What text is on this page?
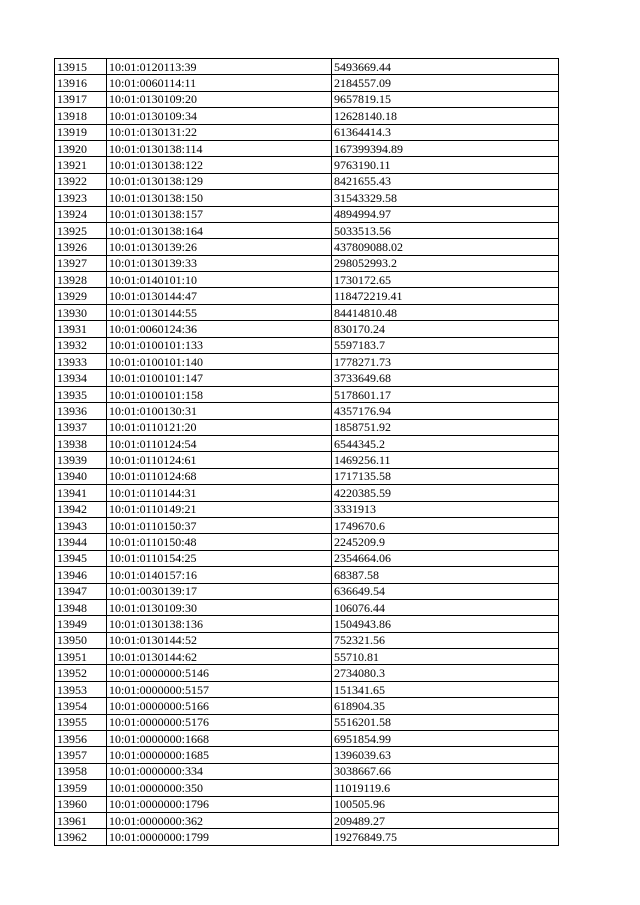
13915	10:01:0120113:39	5493669.44
13916	10:01:0060114:11	2184557.09
13917	10:01:0130109:20	9657819.15
13918	10:01:0130109:34	12628140.18
13919	10:01:0130131:22	61364414.3
13920	10:01:0130138:114	167399394.89
13921	10:01:0130138:122	9763190.11
13922	10:01:0130138:129	8421655.43
13923	10:01:0130138:150	31543329.58
13924	10:01:0130138:157	4894994.97
13925	10:01:0130138:164	5033513.56
13926	10:01:0130139:26	437809088.02
13927	10:01:0130139:33	298052993.2
13928	10:01:0140101:10	1730172.65
13929	10:01:0130144:47	118472219.41
13930	10:01:0130144:55	84414810.48
13931	10:01:0060124:36	830170.24
13932	10:01:0100101:133	5597183.7
13933	10:01:0100101:140	1778271.73
13934	10:01:0100101:147	3733649.68
13935	10:01:0100101:158	5178601.17
13936	10:01:0100130:31	4357176.94
13937	10:01:0110121:20	1858751.92
13938	10:01:0110124:54	6544345.2
13939	10:01:0110124:61	1469256.11
13940	10:01:0110124:68	1717135.58
13941	10:01:0110144:31	4220385.59
13942	10:01:0110149:21	3331913
13943	10:01:0110150:37	1749670.6
13944	10:01:0110150:48	2245209.9
13945	10:01:0110154:25	2354664.06
13946	10:01:0140157:16	68387.58
13947	10:01:0030139:17	636649.54
13948	10:01:0130109:30	106076.44
13949	10:01:0130138:136	1504943.86
13950	10:01:0130144:52	752321.56
13951	10:01:0130144:62	55710.81
13952	10:01:0000000:5146	2734080.3
13953	10:01:0000000:5157	151341.65
13954	10:01:0000000:5166	618904.35
13955	10:01:0000000:5176	5516201.58
13956	10:01:0000000:1668	6951854.99
13957	10:01:0000000:1685	1396039.63
13958	10:01:0000000:334	3038667.66
13959	10:01:0000000:350	11019119.6
13960	10:01:0000000:1796	100505.96
13961	10:01:0000000:362	209489.27
13962	10:01:0000000:1799	19276849.75
